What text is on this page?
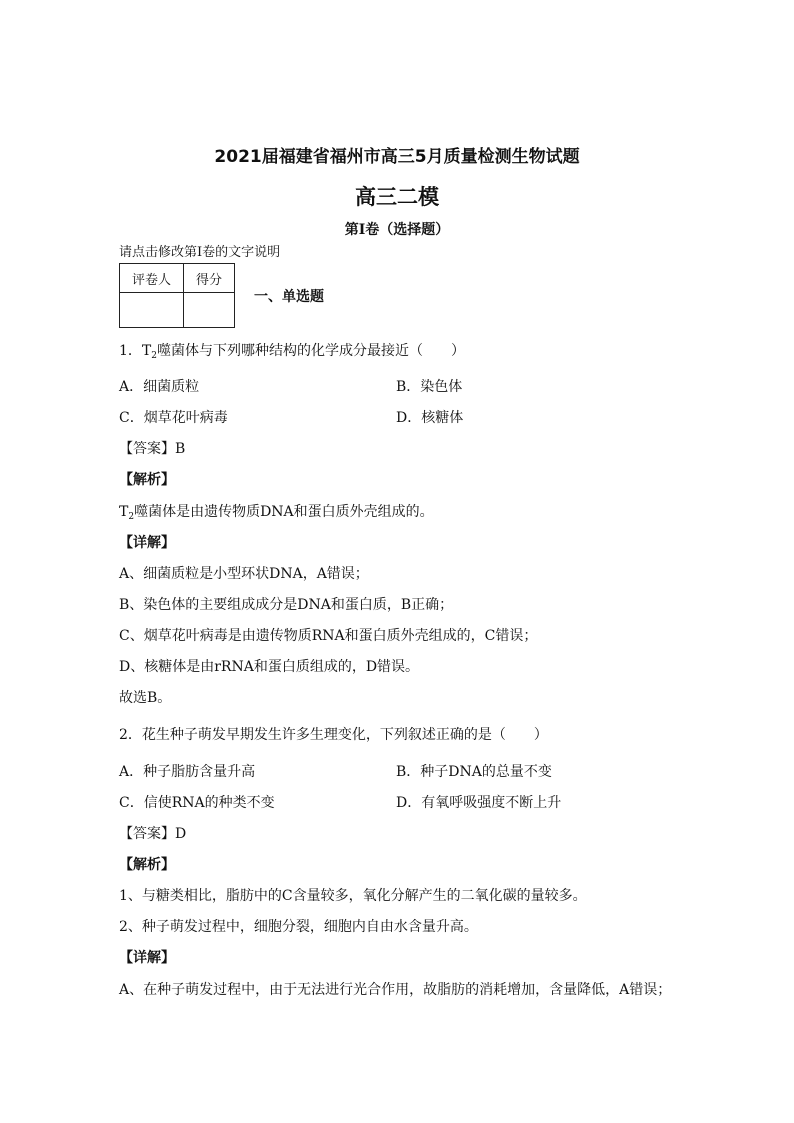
2021届福建省福州市高三5月质量检测生物试题
高三二模
第I卷（选择题）
请点击修改第I卷的文字说明
评卷人	得分

一、单选题
1．$T_2$噬菌体与下列哪种结构的化学成分最接近（　　）
A．细菌质粒	B．染色体
C．烟草花叶病毒	D．核糖体
【答案】B
【解析】
$T_2$噬菌体是由遗传物质DNA和蛋白质外壳组成的。
【详解】
A、细菌质粒是小型环状DNA，A错误；
B、染色体的主要组成成分是DNA和蛋白质，B正确；
C、烟草花叶病毒是由遗传物质RNA和蛋白质外壳组成的，C错误；
D、核糖体是由rRNA和蛋白质组成的，D错误。
故选B。
2．花生种子萌发早期发生许多生理变化，下列叙述正确的是（　　）
A．种子脂肪含量升高	B．种子DNA的总量不变
C．信使RNA的种类不变	D．有氧呼吸强度不断上升
【答案】D
【解析】
1、与糖类相比，脂肪中的C含量较多，氧化分解产生的二氧化碳的量较多。
2、种子萌发过程中，细胞分裂，细胞内自由水含量升高。
【详解】
A、在种子萌发过程中，由于无法进行光合作用，故脂肪的消耗增加，含量降低，A错误；
